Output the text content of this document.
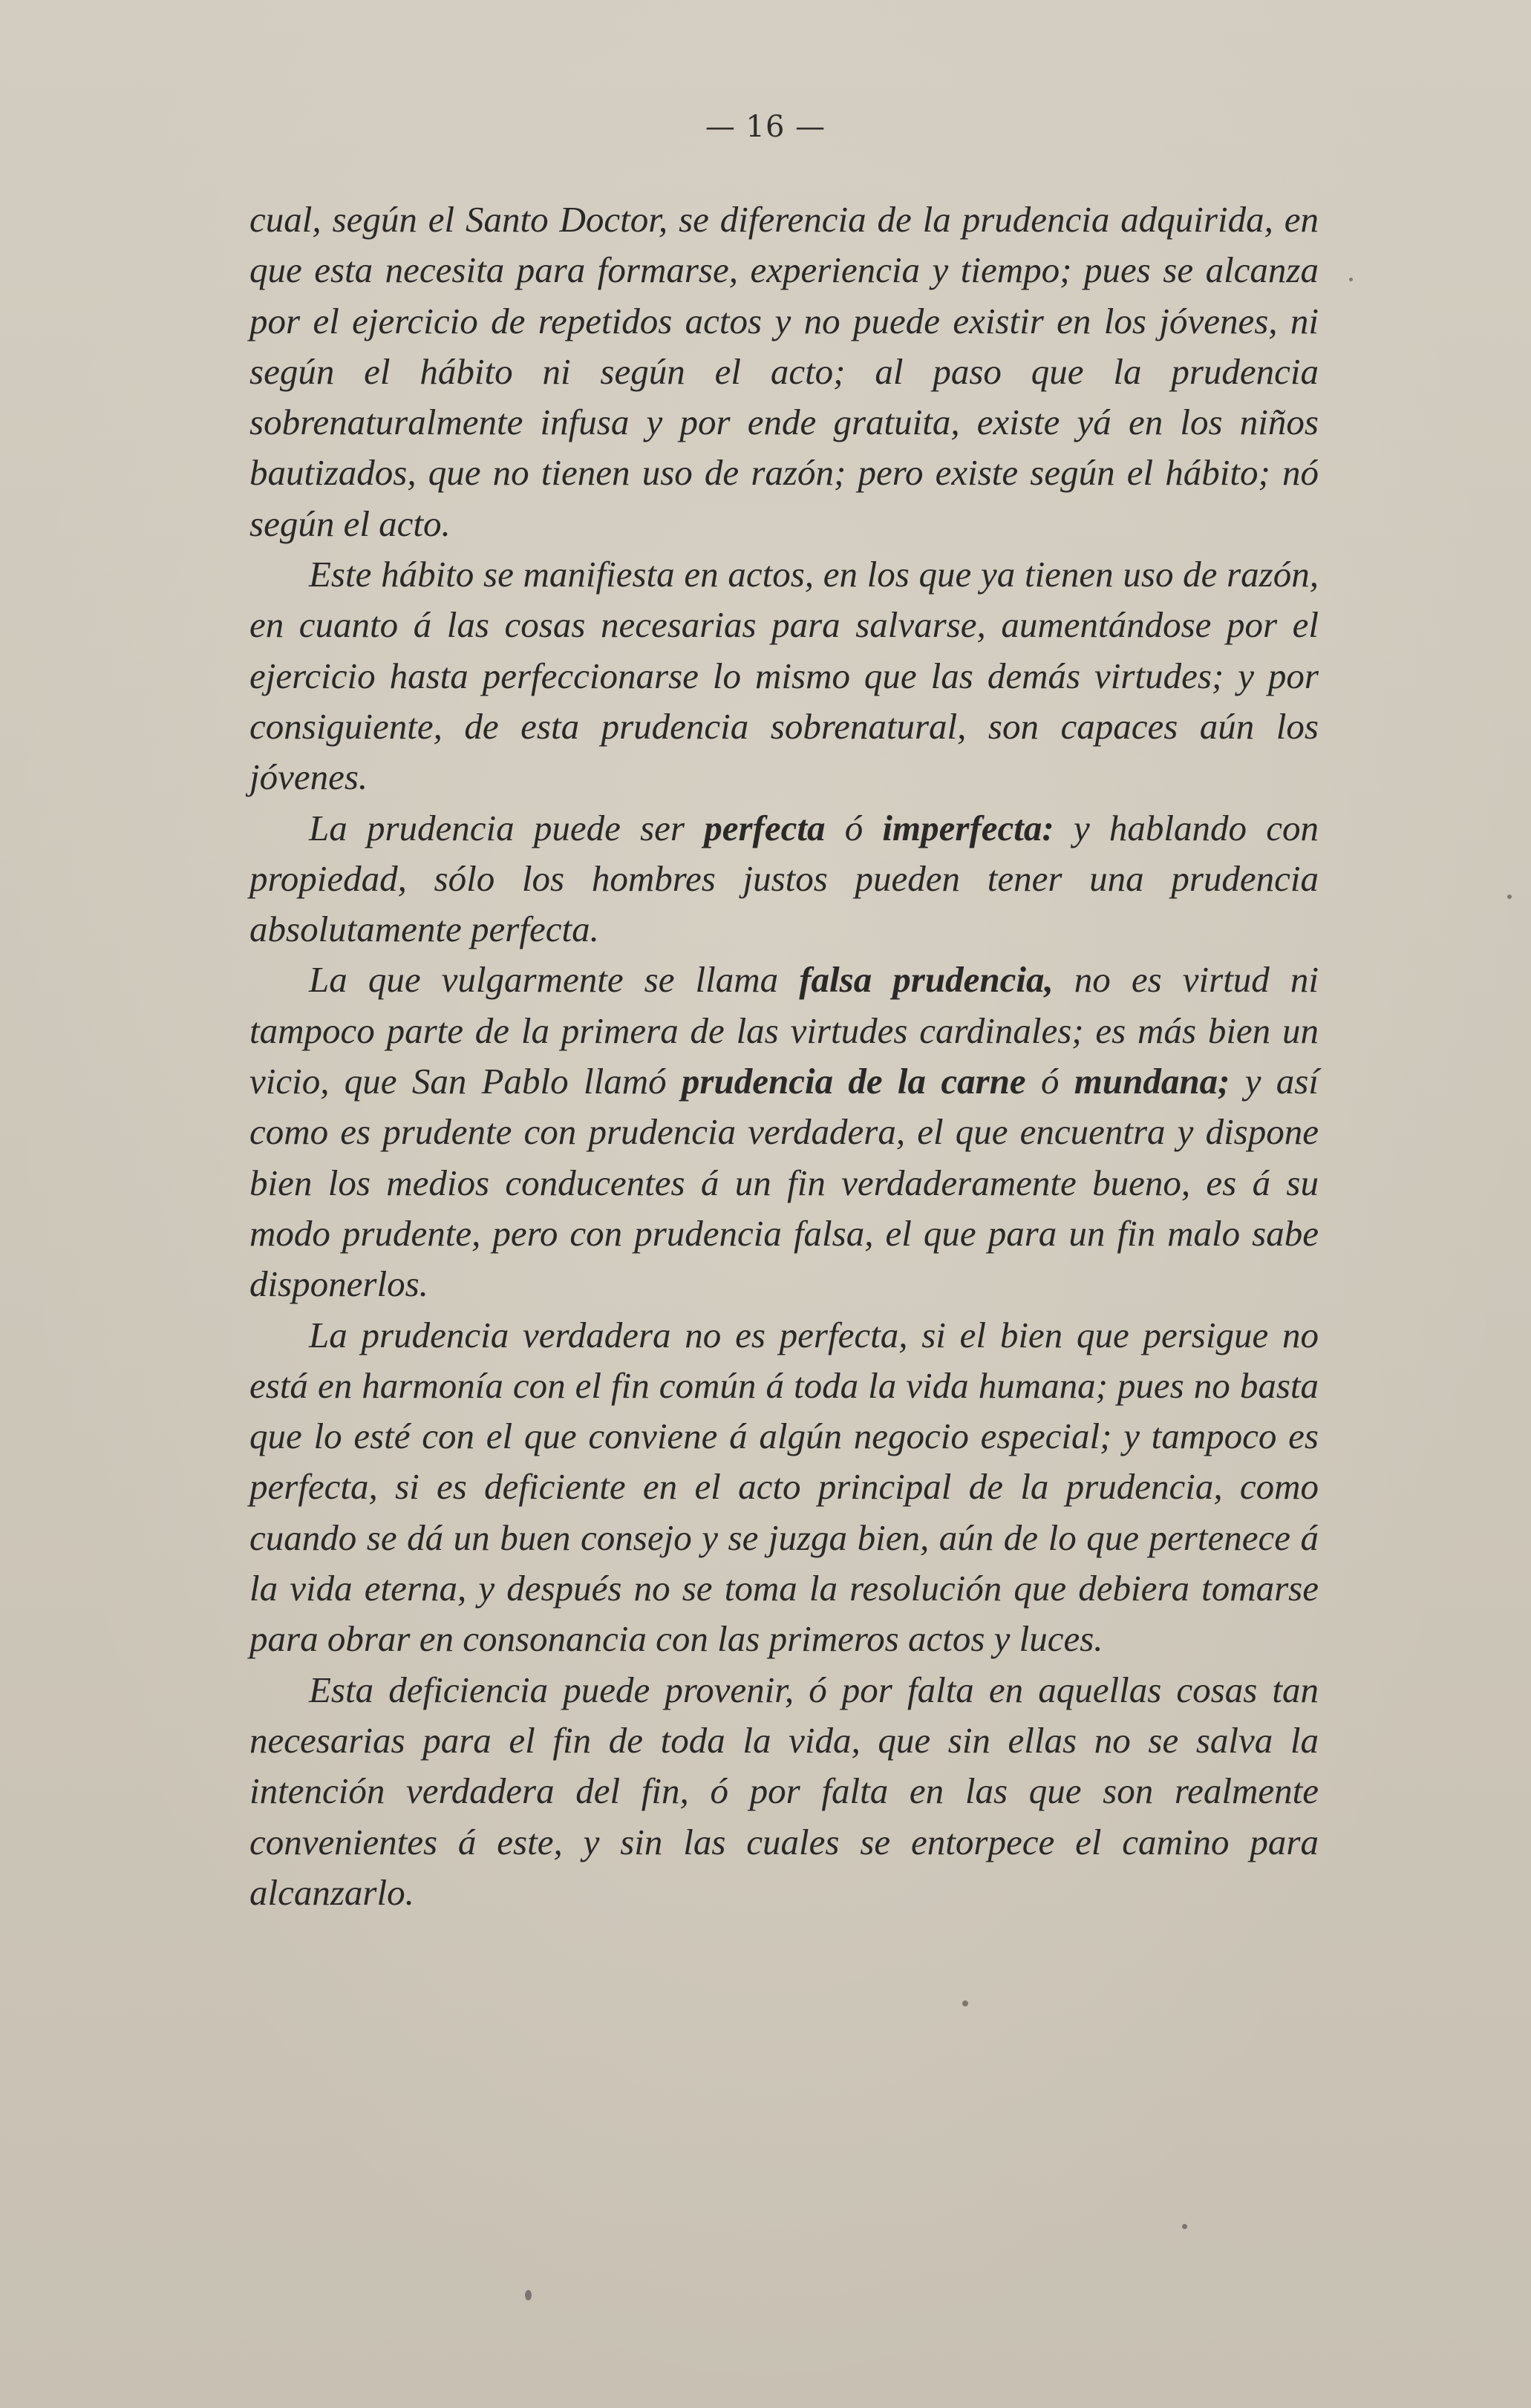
— 16 —

cual, según el Santo Doctor, se diferencia de la prudencia adquirida, en que esta necesita para formarse, experiencia y tiempo; pues se alcanza por el ejercicio de repetidos actos y no puede existir en los jóvenes, ni según el hábito ni según el acto; al paso que la prudencia sobrenaturalmente infusa y por ende gratuita, existe yá en los niños bautizados, que no tienen uso de razón; pero existe según el hábito; nó según el acto.

Este hábito se manifiesta en actos, en los que ya tienen uso de razón, en cuanto á las cosas necesarias para salvarse, aumentándose por el ejercicio hasta perfeccionarse lo mismo que las demás virtudes; y por consiguiente, de esta prudencia sobrenatural, son capaces aún los jóvenes.

La prudencia puede ser perfecta ó imperfecta: y hablando con propiedad, sólo los hombres justos pueden tener una prudencia absolutamente perfecta.

La que vulgarmente se llama falsa prudencia, no es virtud ni tampoco parte de la primera de las virtudes cardinales; es más bien un vicio, que San Pablo llamó prudencia de la carne ó mundana; y así como es prudente con prudencia verdadera, el que encuentra y dispone bien los medios conducentes á un fin verdaderamente bueno, es á su modo prudente, pero con prudencia falsa, el que para un fin malo sabe disponerlos.

La prudencia verdadera no es perfecta, si el bien que persigue no está en harmonía con el fin común á toda la vida humana; pues no basta que lo esté con el que conviene á algún negocio especial; y tampoco es perfecta, si es deficiente en el acto principal de la prudencia, como cuando se dá un buen consejo y se juzga bien, aún de lo que pertenece á la vida eterna, y después no se toma la resolución que debiera tomarse para obrar en consonancia con las primeros actos y luces.

Esta deficiencia puede provenir, ó por falta en aquellas cosas tan necesarias para el fin de toda la vida, que sin ellas no se salva la intención verdadera del fin, ó por falta en las que son realmente convenientes á este, y sin las cuales se entorpece el camino para alcanzarlo.
